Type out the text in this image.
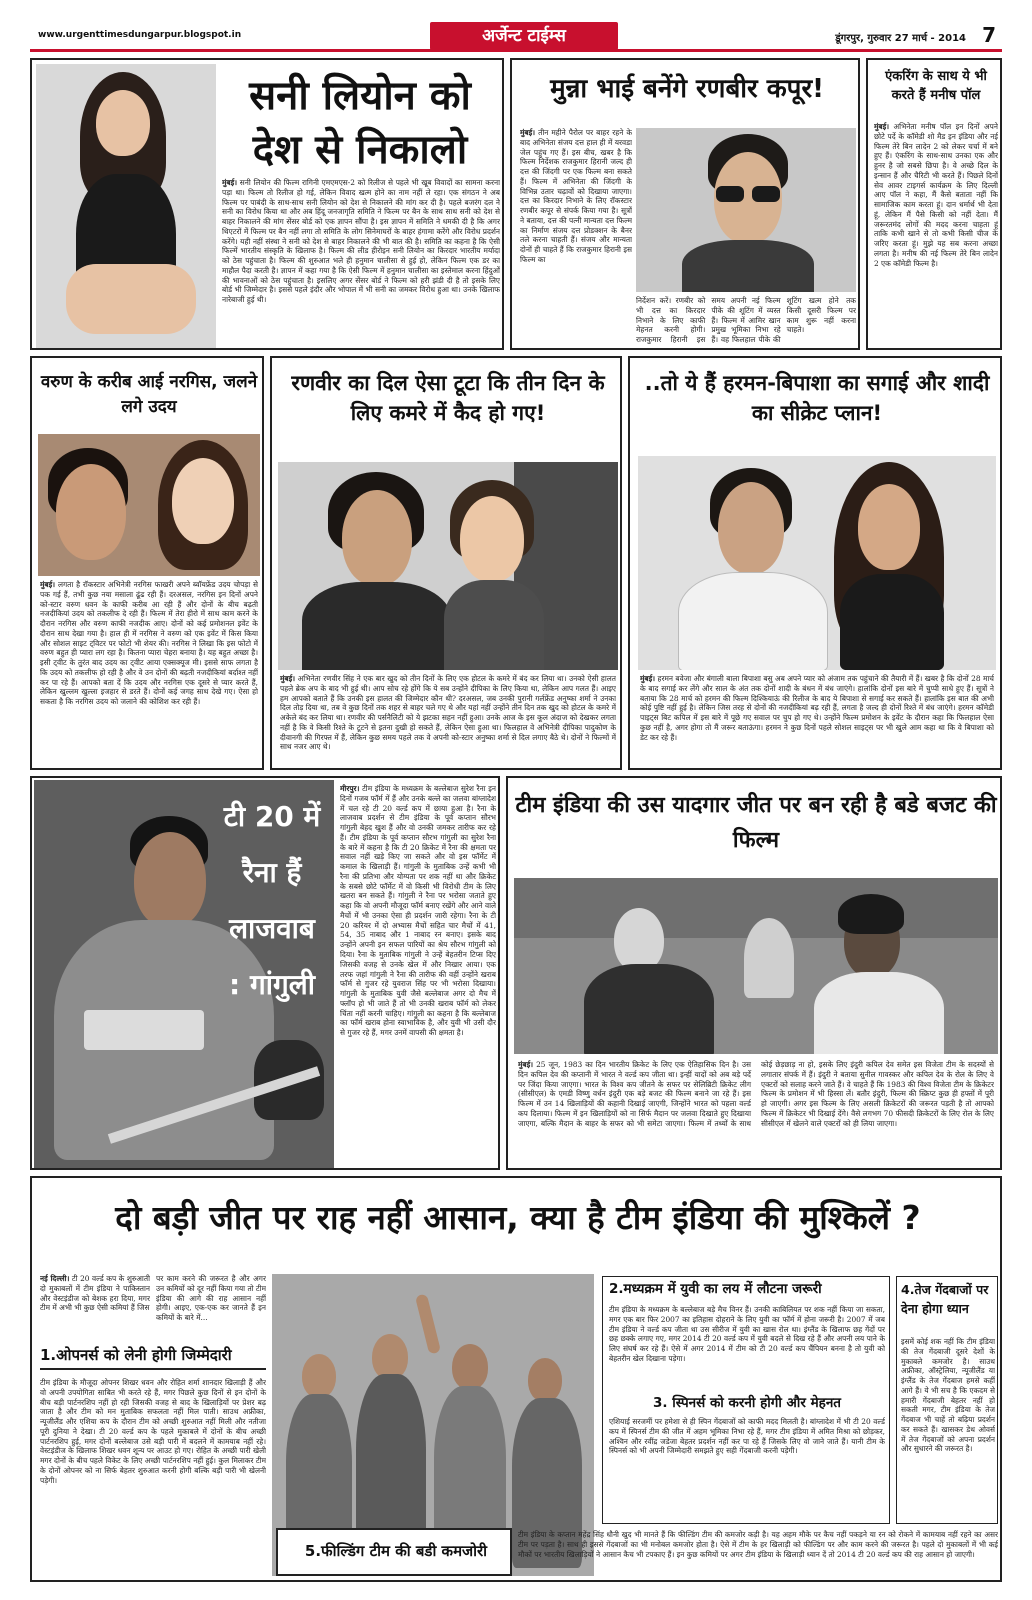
www.urgenttimesdungarpur.blogspot.in	अर्जेन्ट टाईम्स	डूंगरपुर, गुरुवार 27 मार्च - 2014 7
सनी लियोन को
देश से निकालो
मुंबई। सनी लियोन की फिल्म रागिनी एमएमएस-2 को रिलीज से पहले भी खूब विवादों का सामना करना पड़ा था। फिल्म तो रिलीज हो गई, लेकिन विवाद खत्म होने का नाम नहीं ले रहा। एक संगठन ने अब फिल्म पर पाबंदी के साथ-साथ सनी लियोन को देश से निकालने की मांग कर दी है। पहले बजरंग दल ने सनी का विरोध किया था और अब हिंदू जनजागृति समिति ने फिल्म पर बैन के साथ साथ सनी को देश से बाहर निकालने की मांग सेंसर बोर्ड को एक ज्ञापन सौंपा है। इस ज्ञापन में समिति ने धमकी दी है कि अगर थिएटरों में फिल्म पर बैन नहीं लगा तो समिति के लोग सिनेमाघरों के बाहर हंगामा करेंगे और विरोध प्रदर्शन करेंगे। यही नहीं संस्था ने सनी को देश से बाहर निकालने की भी बात की है। समिति का कहना है कि ऐसी फिल्में भारतीय संस्कृति के खिलाफ है। फिल्म की लीड हीरोइन सनी लियोन का किरदार भारतीय मर्यादा को ठेस पहुंचाता है। फिल्म की शुरुआत भले ही हनुमान चालीसा से हुई हो, लेकिन फिल्म एक डर का माहौल पैदा करती है। ज्ञापन में कहा गया है कि ऐसी फिल्म में हनुमान चालीसा का इस्तेमाल करना हिंदुओं की भावनाओं को ठेस पहुंचाता है। इसलिए अगर सेंसर बोर्ड ने फिल्म को हरी झंडी दी है तो इसके लिए बोर्ड भी जिम्मेदार है। इससे पहले इंदौर और भोपाल में भी सनी का जमकर विरोध हुआ था। उनके खिलाफ नारेबाजी हुई थी।
मुन्ना भाई बनेंगे रणबीर कपूर!
मुंबई। तीन महीने पैरोल पर बाहर रहने के बाद अभिनेता संजय दत्त हाल ही में यरवडा जेल पहुंच गए हैं। इस बीच, खबर है कि फिल्म निर्देशक राजकुमार हिरानी जल्द ही दत्त की जिंदगी पर एक फिल्म बना सकते हैं। फिल्म में अभिनेता की जिंदगी के विभिन्न उतार चढ़ावों को दिखाया जाएगा। दत्त का किरदार निभाने के लिए रॉकस्टार रणबीर कपूर से संपर्क किया गया है। सूत्रों ने बताया, दत्त की पत्नी मान्यता दत्त फिल्म का निर्माण संजय दत्त प्रोडक्शन के बैनर तले करना चाहती हैं। संजय और मान्यता दोनों ही चाहते हैं कि राजकुमार हिरानी इस फिल्म का
निर्देशन करें। रणबीर को भी दत्त का किरदार निभाने के लिए काफी मेहनत करनी होगी। राजकुमार हिरानी इस समय अपनी नई फिल्म पीके की शूटिंग में व्यस्त हैं। फिल्म में आमिर खान प्रमुख भूमिका निभा रहे हैं। वह फिलहाल पीके की शूटिंग खत्म होने तक किसी दूसरी फिल्म पर काम शुरू नहीं करना चाहते।
एंकरिंग के साथ ये भी करते हैं मनीष पॉल
मुंबई। अभिनेता मनीष पॉल इन दिनों अपने छोटे पर्दे के कॉमेडी शो मैड इन इंडिया और नई फिल्म तेरे बिन लादेन 2 को लेकर चर्चा में बने हुए हैं। एंकरिंग के साथ-साथ उनका एक और हुनर है जो सबसे छिपा है। वे अच्छे दिल के इन्सान हैं और चैरिटी भी करते हैं। पिछले दिनों सेव आवर टाइगर्स कार्यक्रम के लिए दिल्ली आए पॉल ने कहा, मैं कैसे बताता नहीं कि सामाजिक काम करता हूं। दान धर्मार्थ भी देता हूं, लेकिन मैं पैसे किसी को नहीं देता। मैं जरूरतमंद लोगों की मदद करना चाहता हूं ताकि कभी खाने से तो कभी किसी चीज के जरिए करता हूं। मुझे यह सब करना अच्छा लगता है। मनीष की नई फिल्म तेरे बिन लादेन 2 एक कॉमेडी फिल्म है।
वरुण के करीब आई नरगिस, जलने लगे उदय
मुंबई। लगता है रॉकस्टार अभिनेत्री नरगिस फाखरी अपने ब्वॉयफ्रेंड उदय चोपड़ा से पक गई हैं, तभी कुछ नया मसाला ढूंढ रही हैं। दरअसल, नरगिस इन दिनों अपने को-स्टार वरुण धवन के काफी करीब आ रही हैं और दोनों के बीच बढ़ती नजदीकियां उदय को तकलीफ दे रही हैं। फिल्म में तेरा हीरो में साथ काम करने के दौरान नरगिस और वरुण काफी नजदीक आए। दोनों को कई प्रमोशनल इवेंट के दौरान साथ देखा गया है। हाल ही में नरगिस ने वरुण को एक इवेंट में किस किया और सोशल साइट ट्विटर पर फोटो भी शेयर की। नरगिस ने लिखा कि इस फोटो में वरुण बहुत ही प्यारा लग रहा है। कितना प्यारा चेहरा बनाया है। यह बहुत अच्छा है। इसी ट्वीट के तुरंत बाद उदय का ट्वीट आया एक्सक्यूज मी। इससे साफ लगता है कि उदय को तकलीफ हो रही है और वे उन दोनों की बढ़ती नजदीकियां बर्दाश्त नहीं कर पा रहे हैं। आपको बता दें कि उदय और नरगिस एक दूसरे से प्यार करते हैं, लेकिन खुल्लम खुल्ला इजहार से डरते हैं। दोनों कई जगह साथ देखे गए। ऐसा हो सकता है कि नरगिस उदय को जलाने की कोशिश कर रही हैं।
रणवीर का दिल ऐसा टूटा कि तीन दिन के लिए कमरे में कैद हो गए!
मुंबई। अभिनेता रणवीर सिंह ने एक बार खुद को तीन दिनों के लिए एक होटल के कमरे में बंद कर लिया था। उनको ऐसी हालत पहले ब्रेक अप के बाद भी हुई थी। आप सोच रहे होंगे कि ये सब उन्होंने दीपिका के लिए किया था, लेकिन आप गलत हैं। आइए हम आपको बताते हैं कि उनकी इस हालत की जिम्मेदार कौन थी? दरअसल, जब उनकी पुरानी गर्लफ्रेंड अनुष्का शर्मा ने उनका दिल तोड़ दिया था, तब वे कुछ दिनों तक शहर से बाहर चले गए थे और यहां नहीं उन्होंने तीन दिन तक खुद को होटल के कमरे में अकेले बंद कर लिया था। रणवीर की पर्सनैलिटी को ये झटका सहन नहीं हुआ। उनके आज के इस कूल अंदाज को देखकर लगता नहीं है कि वे किसी रिश्ते के टूटने से इतना दुखी हो सकते हैं, लेकिन ऐसा हुआ था। फिलहाल वे अभिनेत्री दीपिका पादुकोण के दीवानगी की गिरफ्त में हैं, लेकिन कुछ समय पहले तक वे अपनी को-स्टार अनुष्का शर्मा से दिल लगाए बैठे थे। दोनों ने फिल्मों में साथ नजर आए थे।
..तो ये हैं हरमन-बिपाशा का सगाई और शादी का सीक्रेट प्लान!
मुंबई। हरमन बवेजा और बंगाली बाला बिपाशा बसु अब अपने प्यार को अंजाम तक पहुंचाने की तैयारी में हैं। खबर है कि दोनों 28 मार्च के बाद सगाई कर लेंगे और साल के अंत तक दोनों शादी के बंधन में बंध जाएंगे। हालांकि दोनों इस बारे में चुप्पी साधे हुए हैं। सूत्रों ने बताया कि 28 मार्च को हरमन की फिल्म दिश्कियाऊं की रिलीज के बाद ये बिपाशा से सगाई कर सकते हैं। हालांकि इस बात की अभी कोई पुष्टि नहीं हुई है। लेकिन जिस तरह से दोनों की नजदीकियां बढ़ रही हैं, लगता है जल्द ही दोनों रिश्ते में बंध जाएंगे। हरमन कॉमेडी पाइट्स बिट कपिल में इस बारे में पूछे गए सवाल पर चुप हो गए थे। उन्होंने फिल्म प्रमोशन के इवेंट के दौरान कहा कि फिलहाल ऐसा कुछ नहीं है, अगर होगा तो मैं जरूर बताऊंगा। हरमन ने कुछ दिनों पहले सोशल साइट्स पर भी खुले आम कहा था कि वे बिपाशा को डेट कर रहे हैं।
टी 20 में
रैना हैं
लाजवाब
: गांगुली
मीरपुर। टीम इंडिया के मध्यक्रम के बल्लेबाज सुरेश रैना इन दिनों गजब फॉर्म में हैं और उनके बल्ले का जलवा बांग्लादेश में चल रहे टी 20 वर्ल्ड कप में छाया हुआ है। रैना के लाजवाब प्रदर्शन से टीम इंडिया के पूर्व कप्तान सौरभ गांगुली बेहद खुश हैं और वो उनकी जमकर तारीफ कर रहे हैं। टीम इंडिया के पूर्व कप्तान सौरभ गांगुली का सुरेश रैना के बारे में कहना है कि टी 20 क्रिकेट में रैना की क्षमता पर सवाल नहीं खड़े किए जा सकते और वो इस फॉर्मेट में कमाल के खिलाड़ी हैं। गांगुली के मुताबिक उन्हें कभी भी रैना की प्रतिभा और योग्यता पर शक नहीं था और क्रिकेट के सबसे छोटे फॉर्मेट में वो किसी भी विरोधी टीम के लिए खतरा बन सकते हैं। गांगुली ने रैना पर भरोसा जताते हुए कहा कि वो अपनी मौजूदा फॉर्म बनाए रखेंगे और आने वाले मैचों में भी उनका ऐसा ही प्रदर्शन जारी रहेगा। रैना के टी 20 करियर में दो अभ्यास मैचों सहित चार मैचों में 41, 54, 35 नाबाद और 1 नाबाद रन बनाए। इसके बाद उन्होंने अपनी इन सफल पारियों का श्रेय सौरभ गांगुली को दिया। रैना के मुताबिक गांगुली ने उन्हें बेहतरीन टिप्स दिए जिसकी वजह से उनके खेल में और निखार आया। एक तरफ जहां गांगुली ने रैना की तारीफ की वहीं उन्होंने खराब फॉर्म से गुजर रहे युवराज सिंह पर भी भरोसा दिखाया। गांगुली के मुताबिक युवी जैसे बल्लेबाज अगर दो मैच में फ्लॉप हो भी जाते हैं तो भी उनकी खराब फॉर्म को लेकर चिंता नहीं करनी चाहिए। गांगुली का कहना है कि बल्लेबाज का फॉर्म खराब होना स्वाभाविक है, और युवी भी उसी दौर से गुजर रहे हैं, मगर उनमें वापसी की क्षमता है।
टीम इंडिया की उस यादगार जीत पर बन रही है बडे बजट की फिल्म
मुंबई। 25 जून, 1983 का दिन भारतीय क्रिकेट के लिए एक ऐतिहासिक दिन है। उस दिन कपिल देव की कप्तानी में भारत ने वर्ल्ड कप जीता था। इन्हीं यादों को अब बड़े पर्दे पर जिंदा किया जाएगा। भारत के विश्व कप जीतने के सफर पर सेलिब्रिटी क्रिकेट लीग (सीसीएल) के एमडी विष्णु वर्धन इंदुरी एक बड़े बजट की फिल्म बनाने जा रहे हैं। इस फिल्म में उन 14 खिलाड़ियों की कहानी दिखाई जाएगी, जिन्होंने भारत को पहला वर्ल्ड कप दिलाया। फिल्म में इन खिलाड़ियों को ना सिर्फ मैदान पर जलवा दिखाते हुए दिखाया जाएगा, बल्कि मैदान के बाहर के सफर को भी समेटा जाएगा। फिल्म में तथ्यों के साथ कोई छेड़छाड़ ना हो, इसके लिए इंदुरी कपिल देव समेत इस विजेता टीम के सदस्यों से लगातार संपर्क में हैं। इंदुरी ने बताया सुनील गावस्कर और कपिल देव के रोल के लिए वे एक्टरों को सलाह करने जाते हैं। वे चाहते हैं कि 1983 की विश्व विजेता टीम के क्रिकेटर फिल्म के प्रमोशन में भी हिस्सा लें। बतौर इंदुरी, फिल्म की स्क्रिप्ट कुछ ही हफ्तों में पूरी हो जाएगी। अगर इस फिल्म के लिए असली क्रिकेटरों की जरूरत पड़ती है तो आपको फिल्म में क्रिकेटर भी दिखाई देंगे। वैसे लगभग 70 फीसदी क्रिकेटरों के लिए रोल के लिए सीसीएल में खेलने वाले एक्टरों को ही लिया जाएगा।
दो बड़ी जीत पर राह नहीं आसान, क्या है टीम इंडिया की मुश्किलें ?
नई दिल्ली। टी 20 वर्ल्ड कप के शुरुआती दो मुकाबलों में टीम इंडिया ने पाकिस्तान और वेस्टइंडीज को बेशक हरा दिया, मगर टीम में अभी भी कुछ ऐसी कमियां हैं जिस
पर काम करने की जरूरत है और अगर उन कमियों को दूर नहीं किया गया तो टीम इंडिया की आगे की राह आसान नहीं होगी। आइए, एक-एक कर जानते हैं इन कमियों के बारे में...
1.ओपनर्स को लेनी होगी जिम्मेदारी
टीम इंडिया के मौजूदा ओपनर शिखर धवन और रोहित शर्मा शानदार खिलाड़ी हैं और वो अपनी उपयोगिता साबित भी करते रहे हैं, मगर पिछले कुछ दिनों से इन दोनों के बीच बड़ी पार्टनरशिप नहीं हो रही जिसकी वजह से बाद के खिलाड़ियों पर प्रेशर बढ़ जाता है और टीम को मन मुताबिक सफलता नहीं मिल पाती। साउथ अफ्रीका, न्यूजीलैंड और एशिया कप के दौरान टीम को अच्छी शुरुआत नहीं मिली और नतीजा पूरी दुनिया ने देखा। टी 20 वर्ल्ड कप के पहले मुकाबले में दोनों के बीच अच्छी पार्टनरशिप हुई, मगर दोनों बल्लेबाज उसे बड़ी पारी में बदलने में कामयाब नहीं रहे। वेस्टइंडीज के खिलाफ शिखर धवन शून्य पर आउट हो गए। रोहित के अच्छी पारी खेली मगर दोनों के बीच पहले विकेट के लिए अच्छी पार्टनरशिप नहीं हुई। कुल मिलाकर टीम के दोनों ओपनर को ना सिर्फ बेहतर शुरुआत करनी होगी बल्कि बड़ी पारी भी खेलनी पड़ेगी।
2.मध्यक्रम में युवी का लय में लौटना जरूरी
टीम इंडिया के मध्यक्रम के बल्लेबाज बड़े मैच विनर हैं। उनकी काबिलियत पर शक नहीं किया जा सकता, मगर एक बार फिर 2007 का इतिहास दोहराने के लिए युवी का फॉर्म में होना जरूरी है। 2007 में जब टीम इंडिया ने वर्ल्ड कप जीता था उस सीरीज में युवी का खास रोल था। इंग्लैंड के खिलाफ छह गेंदों पर छह छक्के लगाए गए, मगर 2014 टी 20 वर्ल्ड कप में युवी बदले से दिख रहे हैं और अपनी लय पाने के लिए संघर्ष कर रहे हैं। ऐसे में अगर 2014 में टीम को टी 20 वर्ल्ड कप चैंपियन बनना है तो युवी को बेहतरीन खेल दिखाना पड़ेगा।
3. स्पिनर्स को करनी होगी और मेहनत
एशियाई सरजमीं पर हमेशा से ही स्पिन गेंदबाजों को काफी मदद मिलती है। बांग्लादेश में भी टी 20 वर्ल्ड कप में स्पिनर्स टीम की जीत में अहम भूमिका निभा रहे हैं, मगर टीम इंडिया में अमित मिश्रा को छोड़कर, अश्विन और रवींद्र जडेजा बेहतर प्रदर्शन नहीं कर पा रहे हैं जिसके लिए वो जाने जाते हैं। यानी टीम के स्पिनर्स को भी अपनी जिम्मेदारी समझते हुए सही गेंदबाजी करनी पड़ेगी।
4.तेज गेंदबाजों पर देना होगा ध्यान
इसमें कोई शक नहीं कि टीम इंडिया की तेज गेंदबाजी दूसरे देशों के मुकाबले कमजोर है। साउथ अफ्रीका, ऑस्ट्रेलिया, न्यूजीलैंड या इंग्लैंड के तेज गेंदबाज हमसे कहीं आगे हैं। ये भी सच है कि एकदम से हमारी गेंदबाजी बेहतर नहीं हो सकती मगर, टीम इंडिया के तेज गेंदबाज भी चाहें तो बढ़िया प्रदर्शन कर सकते हैं। खासकर डेथ ओवर्स में तेज गेंदबाजों को अपना प्रदर्शन और सुधारने की जरूरत है।
5.फील्डिंग टीम की बडी कमजोरी
टीम इंडिया के कप्तान महेंद्र सिंह धौनी खुद भी मानते हैं कि फील्डिंग टीम की कमजोर कड़ी है। यह अहम मौके पर कैच नहीं पकड़ने या रन को रोकने में कामयाब नहीं रहने का असर टीम पर पड़ता है। साथ ही इससे गेंदबाजों का भी मनोबल कमजोर होता है। ऐसे में टीम के हर खिलाड़ी को फील्डिंग पर और काम करने की जरूरत है। पहले दो मुकाबलों में भी कई मौकों पर भारतीय खिलाड़ियों ने आसान कैच भी टपकाए हैं। इन कुछ कमियों पर अगर टीम इंडिया के खिलाड़ी ध्यान दें तो 2014 टी 20 वर्ल्ड कप की राह आसान हो जाएगी।
